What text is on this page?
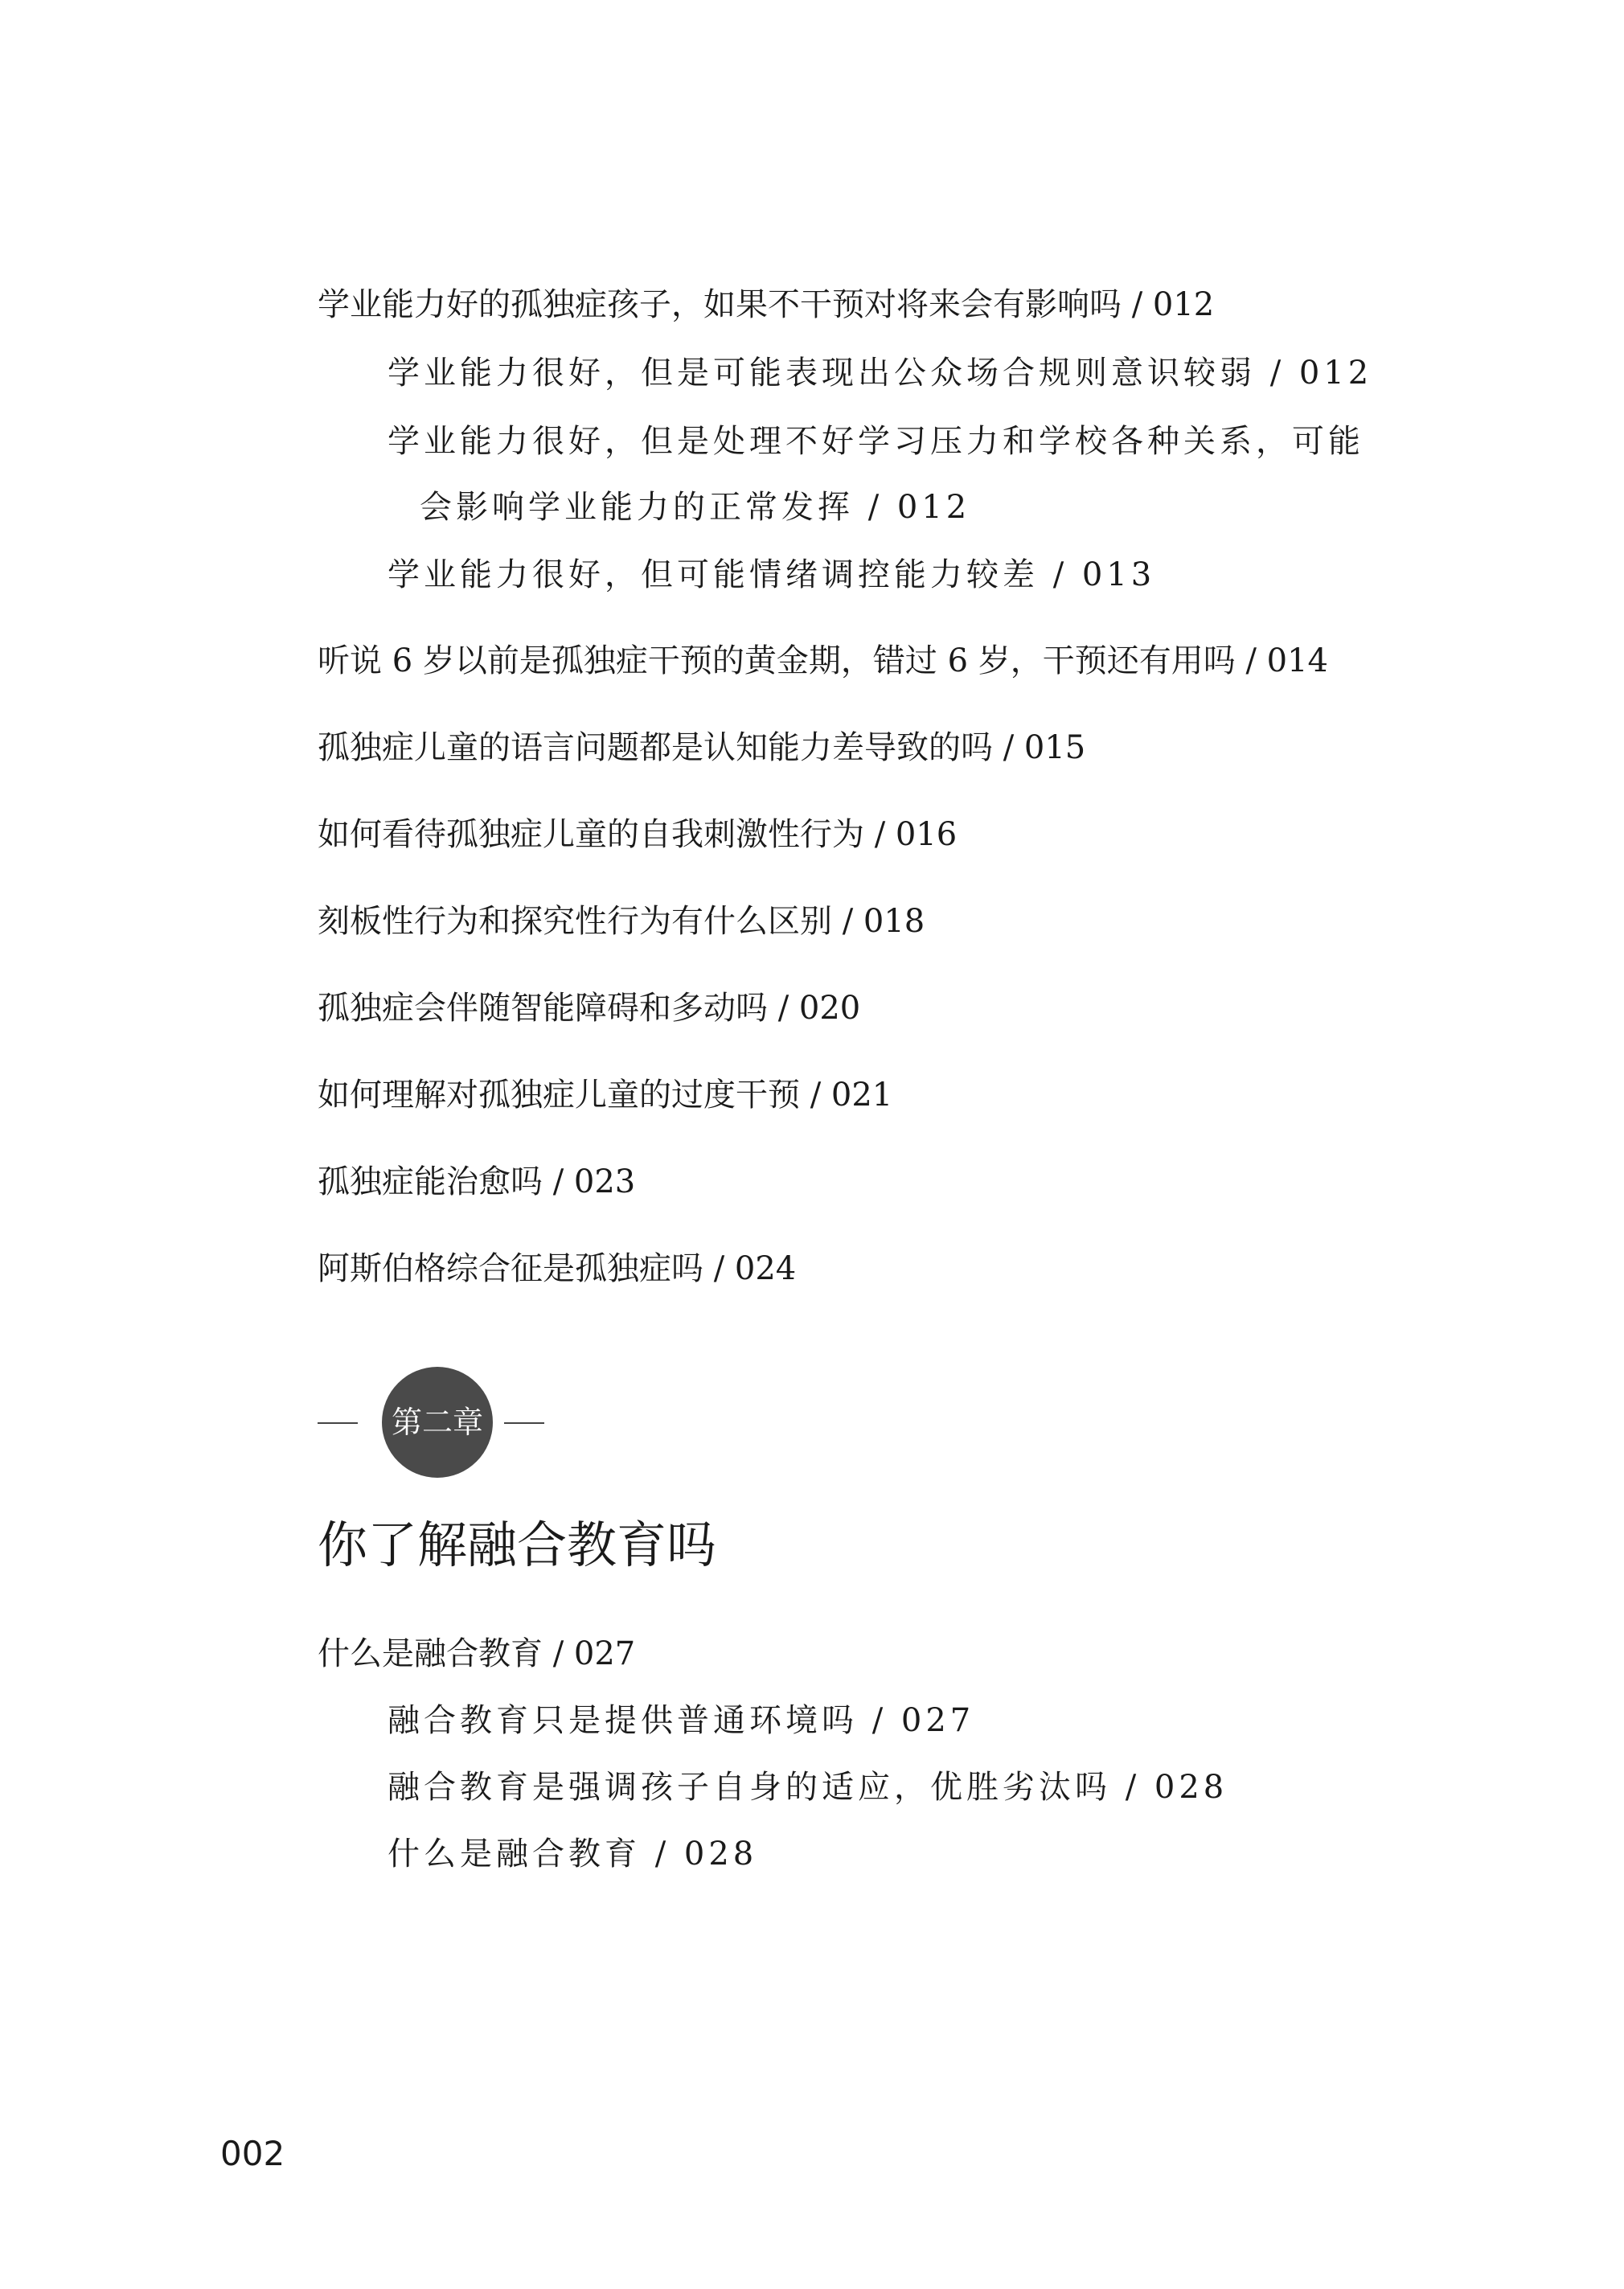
学业能力好的孤独症孩子，如果不干预对将来会有影响吗 / 012
学业能力很好，但是可能表现出公众场合规则意识较弱 / 012
学业能力很好，但是处理不好学习压力和学校各种关系，可能
会影响学业能力的正常发挥 / 012
学业能力很好，但可能情绪调控能力较差 / 013
听说 6 岁以前是孤独症干预的黄金期，错过 6 岁，干预还有用吗 / 014
孤独症儿童的语言问题都是认知能力差导致的吗 / 015
如何看待孤独症儿童的自我刺激性行为 / 016
刻板性行为和探究性行为有什么区别 / 018
孤独症会伴随智能障碍和多动吗 / 020
如何理解对孤独症儿童的过度干预 / 021
孤独症能治愈吗 / 023
阿斯伯格综合征是孤独症吗 / 024
第二章
你了解融合教育吗
什么是融合教育 / 027
融合教育只是提供普通环境吗 / 027
融合教育是强调孩子自身的适应，优胜劣汰吗 / 028
什么是融合教育 / 028
002
